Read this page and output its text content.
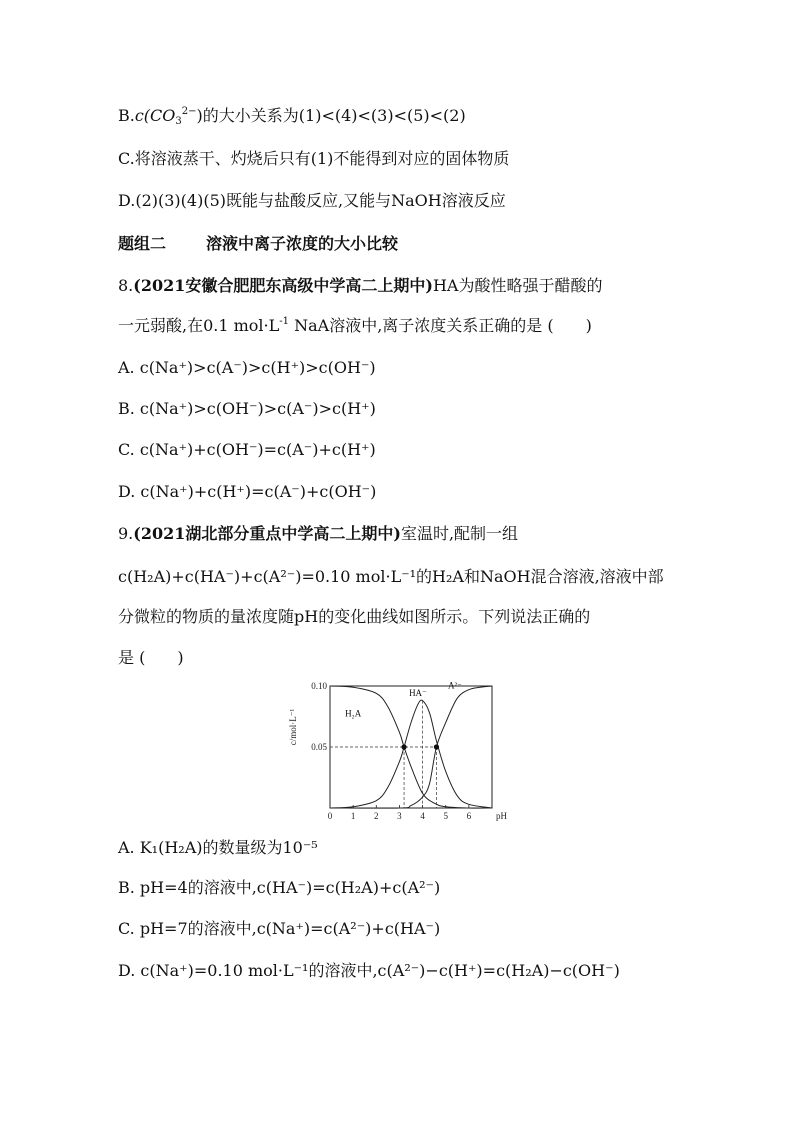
$B.c(CO_3^{2-})$的大小关系为(1)<(4)<(3)<(5)<(2)
C.将溶液蒸干、灼烧后只有(1)不能得到对应的固体物质
D.(2)(3)(4)(5)既能与盐酸反应,又能与NaOH溶液反应
题组二	溶液中离子浓度的大小比较
8.(2021安徽合肥肥东高级中学高二上期中)HA为酸性略强于醋酸的
一元弱酸,在0.1 $mol\cdot L^{-1}$ NaA溶液中,离子浓度关系正确的是 (　　)
A. c(Na⁺)>c(A⁻)>c(H⁺)>c(OH⁻)
B. c(Na⁺)>c(OH⁻)>c(A⁻)>c(H⁺)
C. c(Na⁺)+c(OH⁻)=c(A⁻)+c(H⁺)
D. c(Na⁺)+c(H⁺)=c(A⁻)+c(OH⁻)
9.(2021湖北部分重点中学高二上期中)室温时,配制一组
c(H₂A)+c(HA⁻)+c(A²⁻)=0.10 mol·L⁻¹的H₂A和NaOH混合溶液,溶液中部
分微粒的物质的量浓度随pH的变化曲线如图所示。下列说法正确的
是 (　　)
0 1 2 3 4 5 6	pH
0.05
0.10
c/mol·L⁻¹	H₂A
HA⁻
A²⁻
A. K₁(H₂A)的数量级为10⁻⁵
B. pH=4的溶液中,c(HA⁻)=c(H₂A)+c(A²⁻)
C. pH=7的溶液中,c(Na⁺)=c(A²⁻)+c(HA⁻)
D. c(Na⁺)=0.10 mol·L⁻¹的溶液中,c(A²⁻)−c(H⁺)=c(H₂A)−c(OH⁻)
